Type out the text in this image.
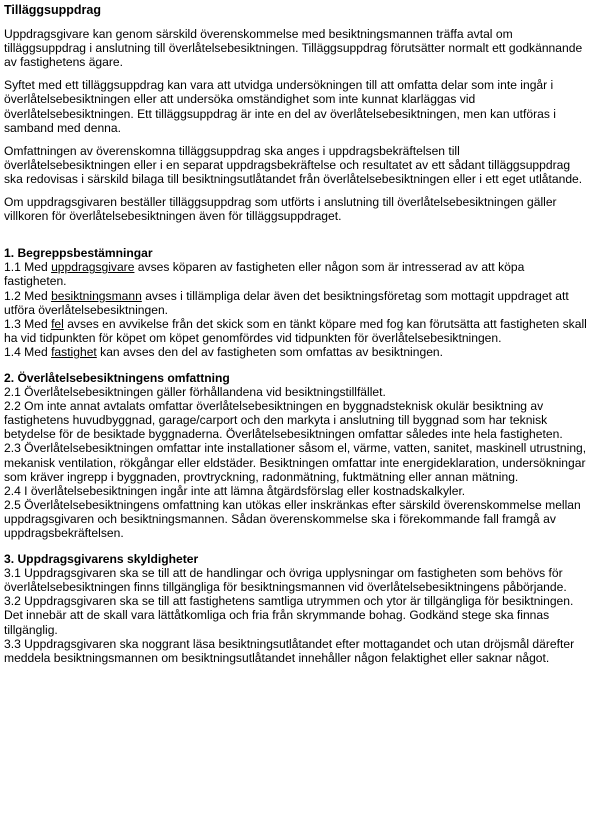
Tilläggsuppdrag

Uppdragsgivare kan genom särskild överenskommelse med besiktningsmannen träffa avtal om tilläggsuppdrag i anslutning till överlåtelsebesiktningen. Tilläggsuppdrag förutsätter normalt ett godkännande av fastighetens ägare.

Syftet med ett tilläggsuppdrag kan vara att utvidga undersökningen till att omfatta delar som inte ingår i överlåtelsebesiktningen eller att undersöka omständighet som inte kunnat klarläggas vid överlåtelsebesiktningen. Ett tilläggsuppdrag är inte en del av överlåtelsebesiktningen, men kan utföras i samband med denna.

Omfattningen av överenskomna tilläggsuppdrag ska anges i uppdragsbekräftelsen till överlåtelsebesiktningen eller i en separat uppdragsbekräftelse och resultatet av ett sådant tilläggsuppdrag ska redovisas i särskild bilaga till besiktningsutlåtandet från överlåtelsebesiktningen eller i ett eget utlåtande.

Om uppdragsgivaren beställer tilläggsuppdrag som utförts i anslutning till överlåtelsebesiktningen gäller villkoren för överlåtelsebesiktningen även för tilläggsuppdraget.

1. Begreppsbestämningar
1.1 Med uppdragsgivare avses köparen av fastigheten eller någon som är intresserad av att köpa fastigheten.
1.2 Med besiktningsmann avses i tillämpliga delar även det besiktningsföretag som mottagit uppdraget att utföra överlåtelsebesiktningen.
1.3 Med fel avses en avvikelse från det skick som en tänkt köpare med fog kan förutsätta att fastigheten skall ha vid tidpunkten för köpet om köpet genomfördes vid tidpunkten för överlåtelsebesiktningen.
1.4 Med fastighet kan avses den del av fastigheten som omfattas av besiktningen.
2. Överlåtelsebesiktningens omfattning
2.1 Överlåtelsebesiktningen gäller förhållandena vid besiktningstillfället.
2.2 Om inte annat avtalats omfattar överlåtelsebesiktningen en byggnadsteknisk okulär besiktning av fastighetens huvudbyggnad, garage/carport och den markyta i anslutning till byggnad som har teknisk betydelse för de besiktade byggnaderna. Överlåtelsebesiktningen omfattar således inte hela fastigheten.
2.3 Överlåtelsebesiktningen omfattar inte installationer såsom el, värme, vatten, sanitet, maskinell utrustning, mekanisk ventilation, rökgångar eller eldstäder. Besiktningen omfattar inte energideklaration, undersökningar som kräver ingrepp i byggnaden, provtryckning, radonmätning, fuktmätning eller annan mätning.
2.4 I överlåtelsebesiktningen ingår inte att lämna åtgärdsförslag eller kostnadskalkyler.
2.5 Överlåtelsebesiktningens omfattning kan utökas eller inskränkas efter särskild överenskommelse mellan uppdragsgivaren och besiktningsmannen. Sådan överenskommelse ska i förekommande fall framgå av uppdragsbekräftelsen.
3. Uppdragsgivarens skyldigheter
3.1 Uppdragsgivaren ska se till att de handlingar och övriga upplysningar om fastigheten som behövs för överlåtelsebesiktningen finns tillgängliga för besiktningsmannen vid överlåtelsebesiktningens påbörjande.
3.2 Uppdragsgivaren ska se till att fastighetens samtliga utrymmen och ytor är tillgängliga för besiktningen. Det innebär att de skall vara lättåtkomliga och fria från skrymmande bohag. Godkänd stege ska finnas tillgänglig.
3.3 Uppdragsgivaren ska noggrant läsa besiktningsutlåtandet efter mottagandet och utan dröjsmål därefter meddela besiktningsmannen om besiktningsutlåtandet innehåller någon felaktighet eller saknar något.
